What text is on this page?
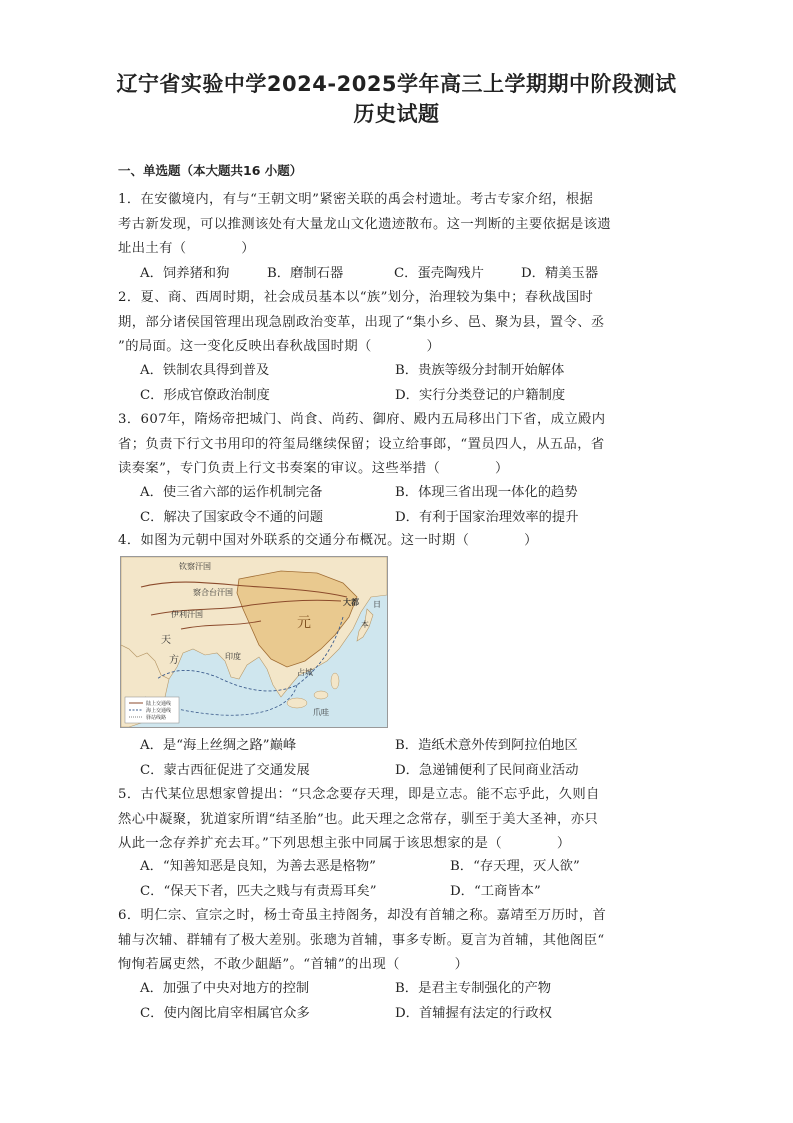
辽宁省实验中学2024-2025学年高三上学期期中阶段测试
历史试题
一、单选题（本大题共16 小题）
1．在安徽境内，有与“王朝文明”紧密关联的禹会村遗址。考古专家介绍，根据
考古新发现，可以推测该处有大量龙山文化遗迹散布。这一判断的主要依据是该遗
址出土有（　　　　）
A．饲养猪和狗	B．磨制石器	C．蛋壳陶残片	D．精美玉器
2．夏、商、西周时期，社会成员基本以“族”划分，治理较为集中；春秋战国时
期，部分诸侯国管理出现急剧政治变革，出现了“集小乡、邑、聚为县，置令、丞
”的局面。这一变化反映出春秋战国时期（　　　　）
A．铁制农具得到普及	B．贵族等级分封制开始解体
C．形成官僚政治制度	D．实行分类登记的户籍制度
3．607年，隋炀帝把城门、尚食、尚药、御府、殿内五局移出门下省，成立殿内
省；负责下行文书用印的符玺局继续保留；设立给事郎，“置员四人，从五品，省
读奏案”，专门负责上行文书奏案的审议。这些举措（　　　　）
A．使三省六部的运作机制完备	B．体现三省出现一体化的趋势
C．解决了国家政令不通的问题	D．有利于国家治理效率的提升
4．如图为元朝中国对外联系的交通分布概况。这一时期（　　　　）
钦察汗国
察合台汗国
伊利汗国
大都
元
日
本
天
方	印度
占城
爪哇
陆上交通线
海上交通线
驿站线路
A．是“海上丝绸之路”巅峰	B．造纸术意外传到阿拉伯地区
C．蒙古西征促进了交通发展	D．急递铺便利了民间商业活动
5．古代某位思想家曾提出：“只念念要存天理，即是立志。能不忘乎此，久则自
然心中凝聚，犹道家所谓“结圣胎”也。此天理之念常存，驯至于美大圣神，亦只
从此一念存养扩充去耳。”下列思想主张中同属于该思想家的是（　　　　）
A．“知善知恶是良知，为善去恶是格物”	B．“存天理，灭人欲”
C．“保天下者，匹夫之贱与有责焉耳矣”	D．“工商皆本”
6．明仁宗、宣宗之时，杨士奇虽主持阁务，却没有首辅之称。嘉靖至万历时，首
辅与次辅、群辅有了极大差别。张璁为首辅，事多专断。夏言为首辅，其他阁臣“
恂恂若属吏然，不敢少龃龉”。“首辅”的出现（　　　　）
A．加强了中央对地方的控制	B．是君主专制强化的产物
C．使内阁比肩宰相属官众多	D．首辅握有法定的行政权
